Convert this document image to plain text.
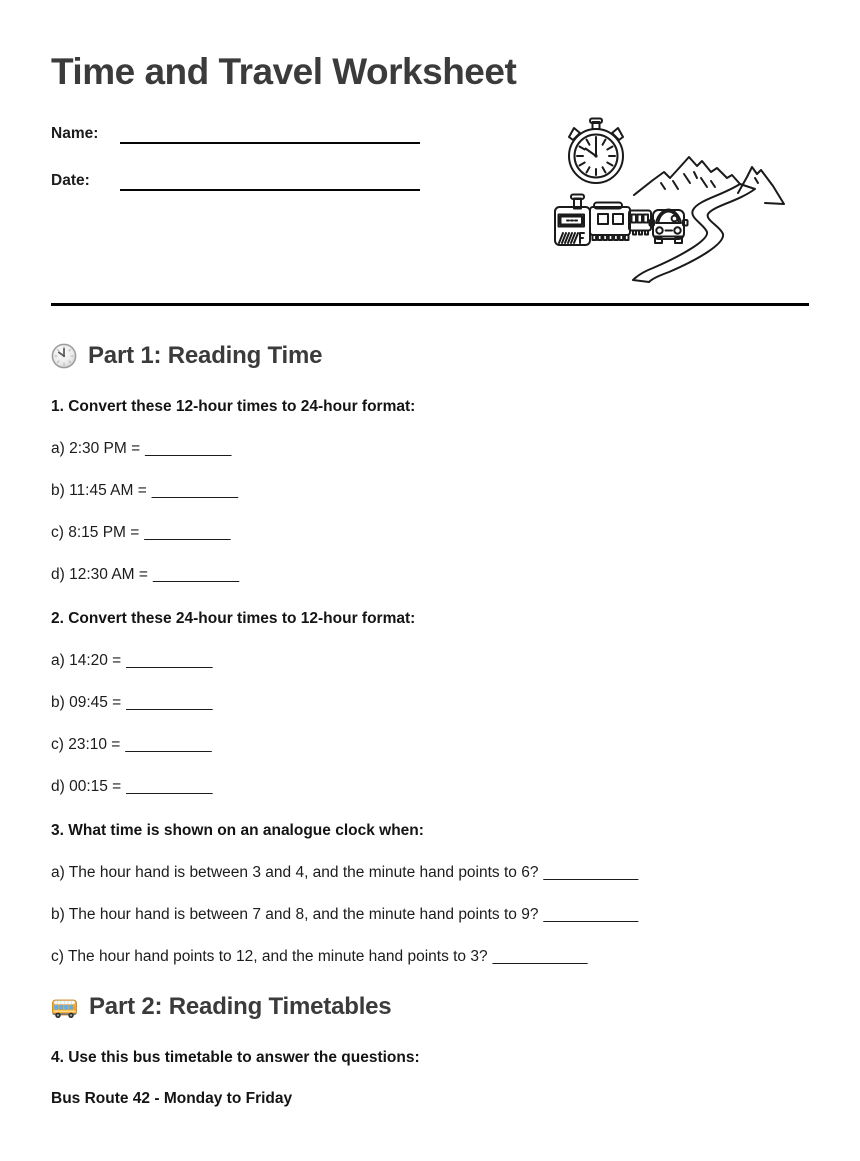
Time and Travel Worksheet
Name:
Date:
Part 1: Reading Time

1. Convert these 12-hour times to 24-hour format:

a) 2:30 PM = __________

b) 11:45 AM = __________

c) 8:15 PM = __________

d) 12:30 AM = __________

2. Convert these 24-hour times to 12-hour format:

a) 14:20 = __________

b) 09:45 = __________

c) 23:10 = __________

d) 00:15 = __________

3. What time is shown on an analogue clock when:

a) The hour hand is between 3 and 4, and the minute hand points to 6? ___________

b) The hour hand is between 7 and 8, and the minute hand points to 9? ___________

c) The hour hand points to 12, and the minute hand points to 3? ___________

Part 2: Reading Timetables

4. Use this bus timetable to answer the questions:

Bus Route 42 - Monday to Friday
